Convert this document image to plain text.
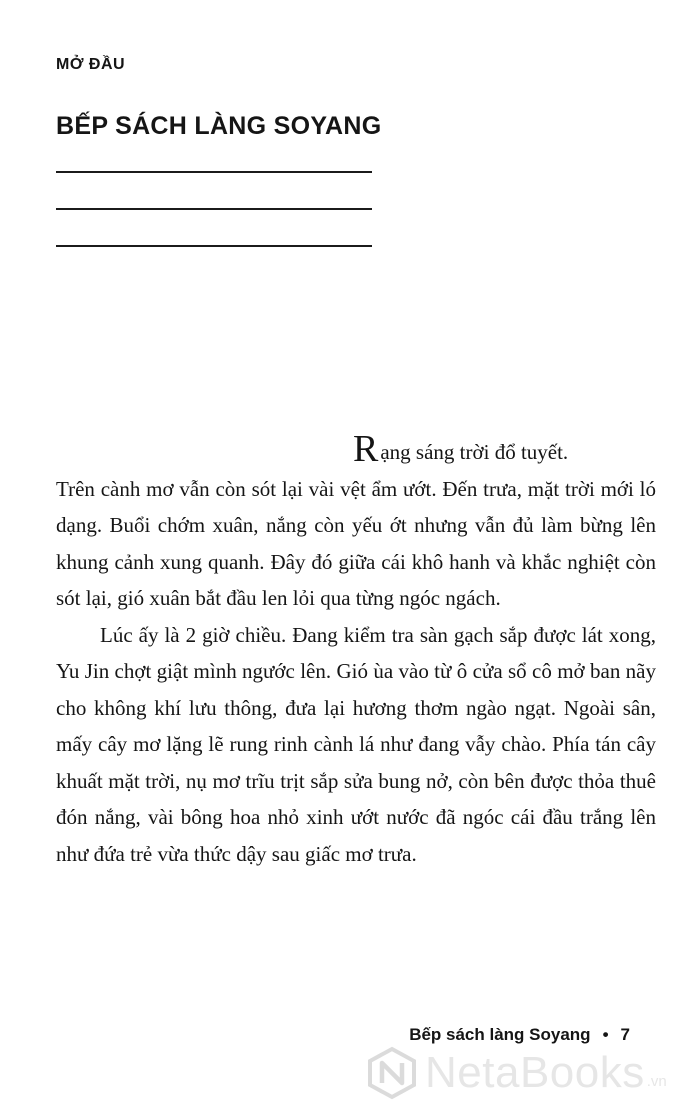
MỞ ĐẦU
BẾP SÁCH LÀNG SOYANG

Rạng sáng trời đổ tuyết.
Trên cành mơ vẫn còn sót lại vài vệt ẩm ướt. Đến trưa, mặt trời mới ló dạng. Buổi chớm xuân, nắng còn yếu ớt nhưng vẫn đủ làm bừng lên khung cảnh xung quanh. Đây đó giữa cái khô hanh và khắc nghiệt còn sót lại, gió xuân bắt đầu len lỏi qua từng ngóc ngách.

Lúc ấy là 2 giờ chiều. Đang kiểm tra sàn gạch sắp được lát xong, Yu Jin chợt giật mình ngước lên. Gió ùa vào từ ô cửa sổ cô mở ban nãy cho không khí lưu thông, đưa lại hương thơm ngào ngạt. Ngoài sân, mấy cây mơ lặng lẽ rung rinh cành lá như đang vẫy chào. Phía tán cây khuất mặt trời, nụ mơ trĩu trịt sắp sửa bung nở, còn bên được thỏa thuê đón nắng, vài bông hoa nhỏ xinh ướt nước đã ngóc cái đầu trắng lên như đứa trẻ vừa thức dậy sau giấc mơ trưa.

Bếp sách làng Soyang • 7
NetaBooks .vn
